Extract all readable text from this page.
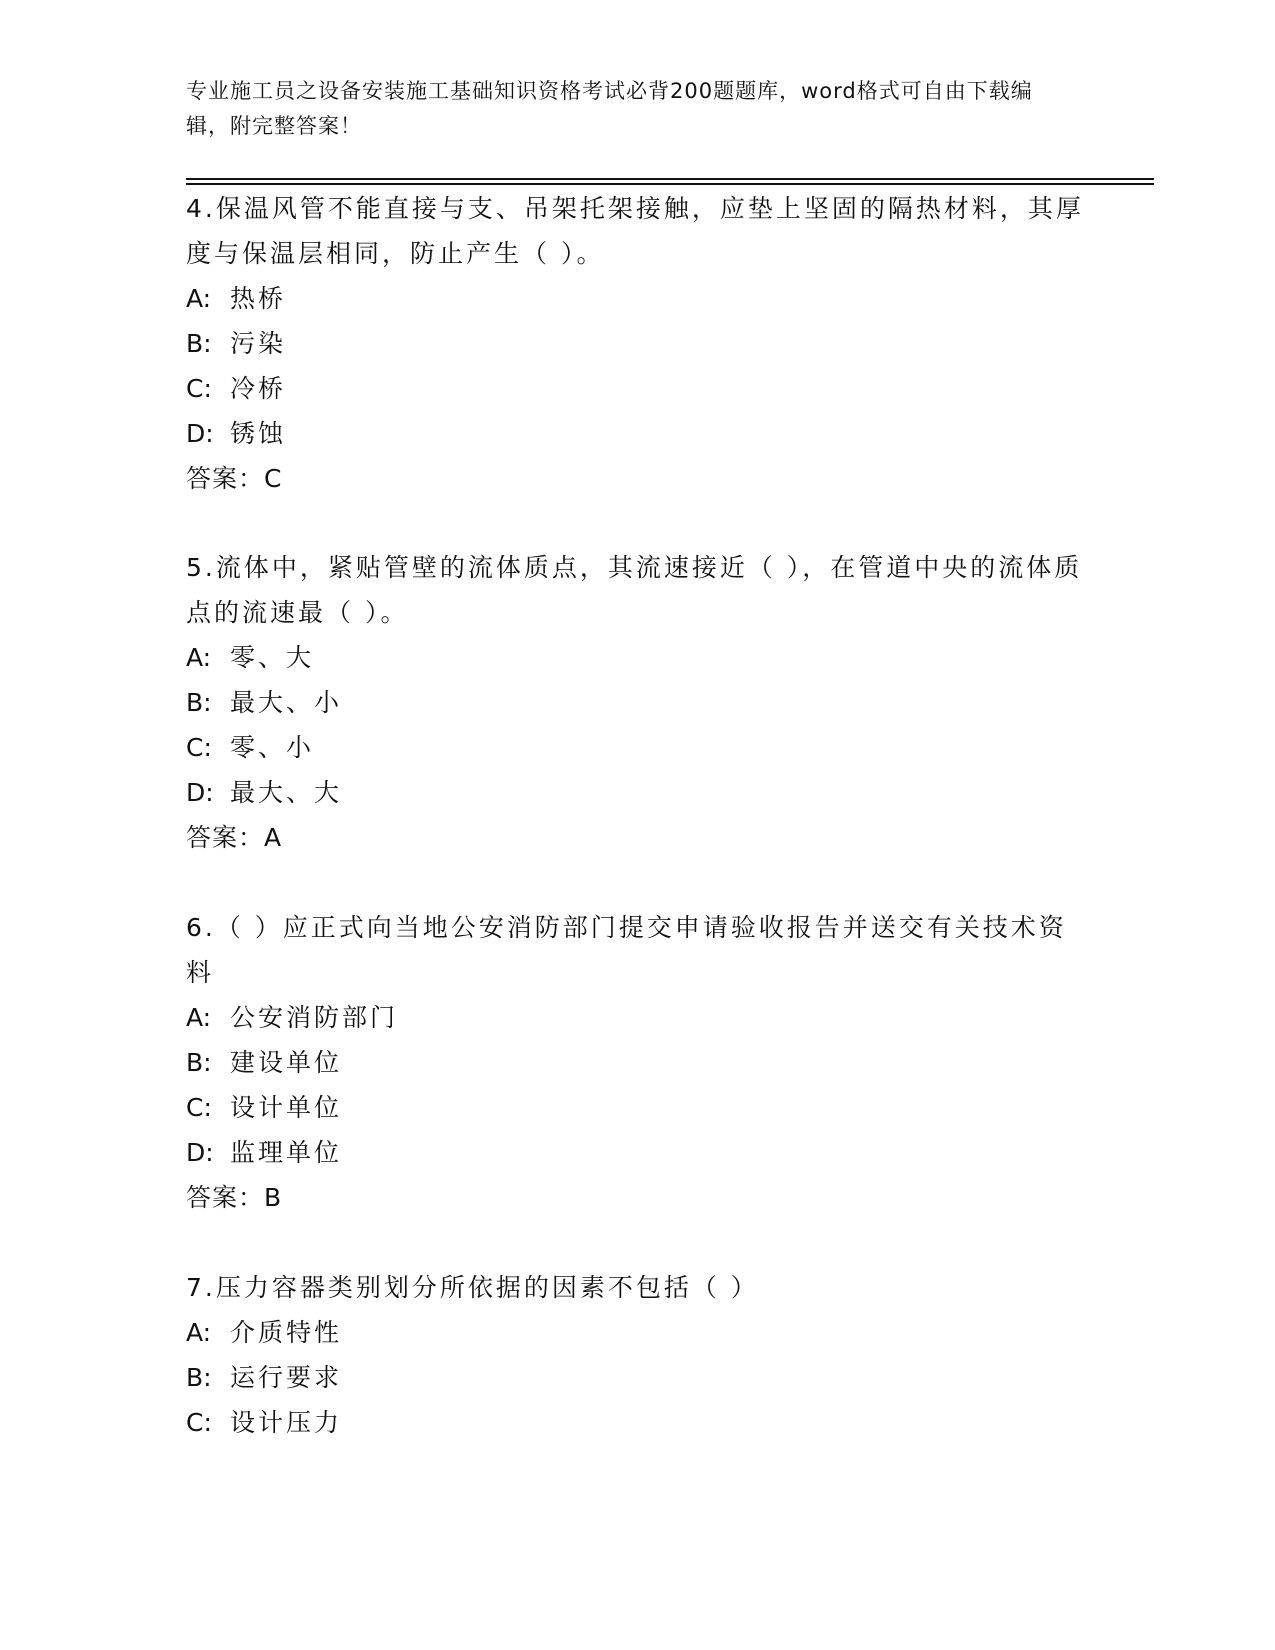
专业施工员之设备安装施工基础知识资格考试必背200题题库，word格式可自由下载编辑，附完整答案！

4.保温风管不能直接与支、吊架托架接触，应垫上坚固的隔热材料，其厚度与保温层相同，防止产生（ ）。

A: 热桥

B: 污染

C: 冷桥

D: 锈蚀

答案：C

5.流体中，紧贴管壁的流体质点，其流速接近（ ），在管道中央的流体质点的流速最（ ）。

A: 零、大

B: 最大、小

C: 零、小

D: 最大、大

答案：A

6.（ ）应正式向当地公安消防部门提交申请验收报告并送交有关技术资料

A: 公安消防部门

B: 建设单位

C: 设计单位

D: 监理单位

答案：B

7.压力容器类别划分所依据的因素不包括（ ）

A: 介质特性

B: 运行要求

C: 设计压力
